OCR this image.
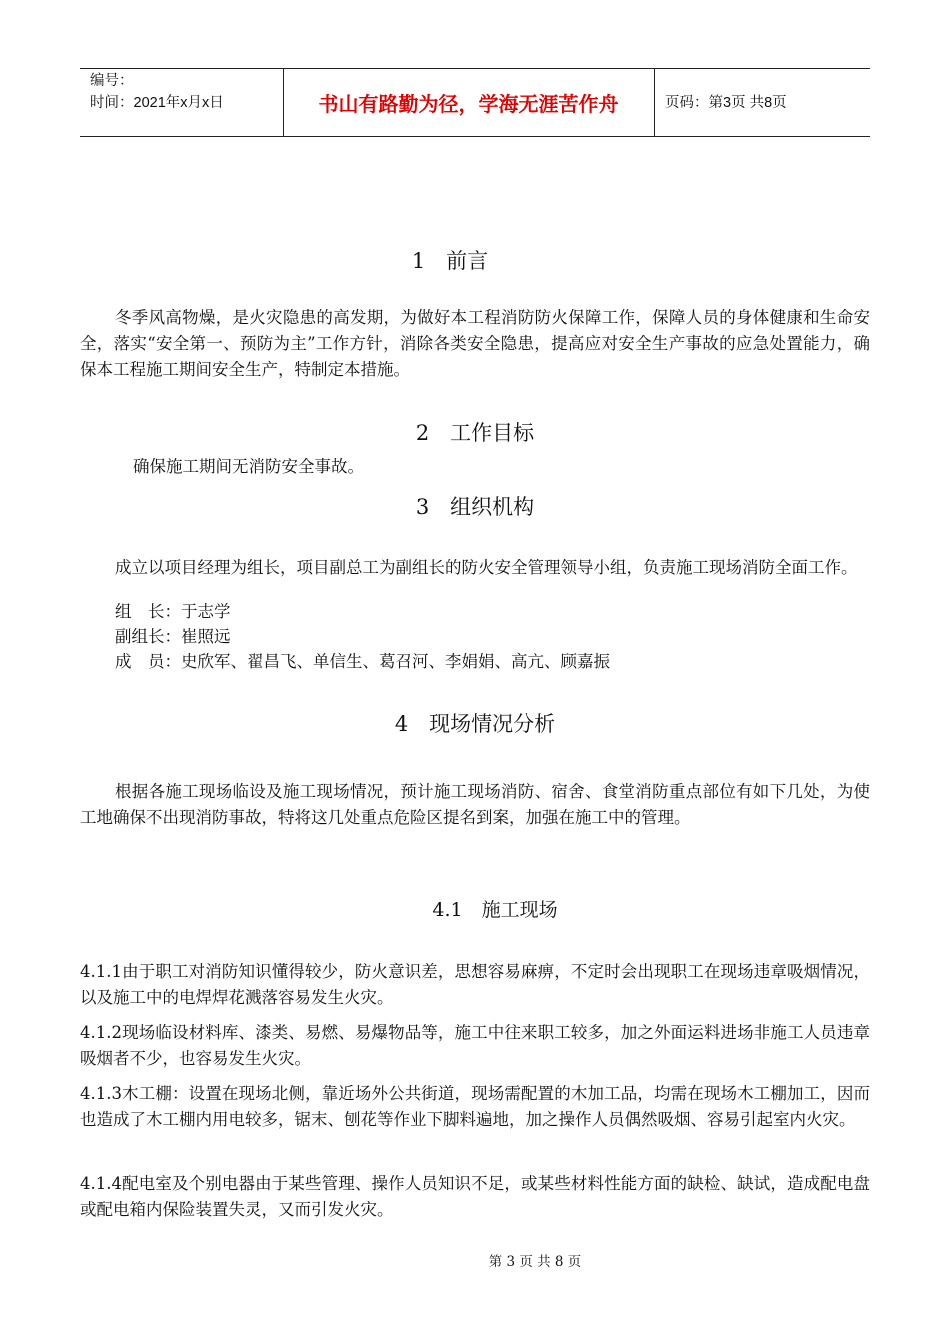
编号：
时间：2021年x月x日	书山有路勤为径，学海无涯苦作舟	页码：第3页 共8页
1　前言
冬季风高物燥，是火灾隐患的高发期，为做好本工程消防防火保障工作，保障人员的身体健康和生命安全，落实“安全第一、预防为主”工作方针，消除各类安全隐患，提高应对安全生产事故的应急处置能力，确保本工程施工期间安全生产，特制定本措施。
2　工作目标
确保施工期间无消防安全事故。
3　组织机构
成立以项目经理为组长，项目副总工为副组长的防火安全管理领导小组，负责施工现场消防全面工作。
组　长：于志学
副组长：崔照远
成　员：史欣军、翟昌飞、单信生、葛召河、李娟娟、高亢、顾嘉振
4　现场情况分析
根据各施工现场临设及施工现场情况，预计施工现场消防、宿舍、食堂消防重点部位有如下几处，为使工地确保不出现消防事故，特将这几处重点危险区提名到案，加强在施工中的管理。
4.1　施工现场
4.1.1由于职工对消防知识懂得较少，防火意识差，思想容易麻痹，不定时会出现职工在现场违章吸烟情况，以及施工中的电焊焊花溅落容易发生火灾。
4.1.2现场临设材料库、漆类、易燃、易爆物品等，施工中往来职工较多，加之外面运料进场非施工人员违章吸烟者不少，也容易发生火灾。
4.1.3木工棚：设置在现场北侧，靠近场外公共街道，现场需配置的木加工品，均需在现场木工棚加工，因而也造成了木工棚内用电较多，锯末、刨花等作业下脚料遍地，加之操作人员偶然吸烟、容易引起室内火灾。
4.1.4配电室及个别电器由于某些管理、操作人员知识不足，或某些材料性能方面的缺检、缺试，造成配电盘或配电箱内保险装置失灵，又而引发火灾。
第 3 页 共 8 页
